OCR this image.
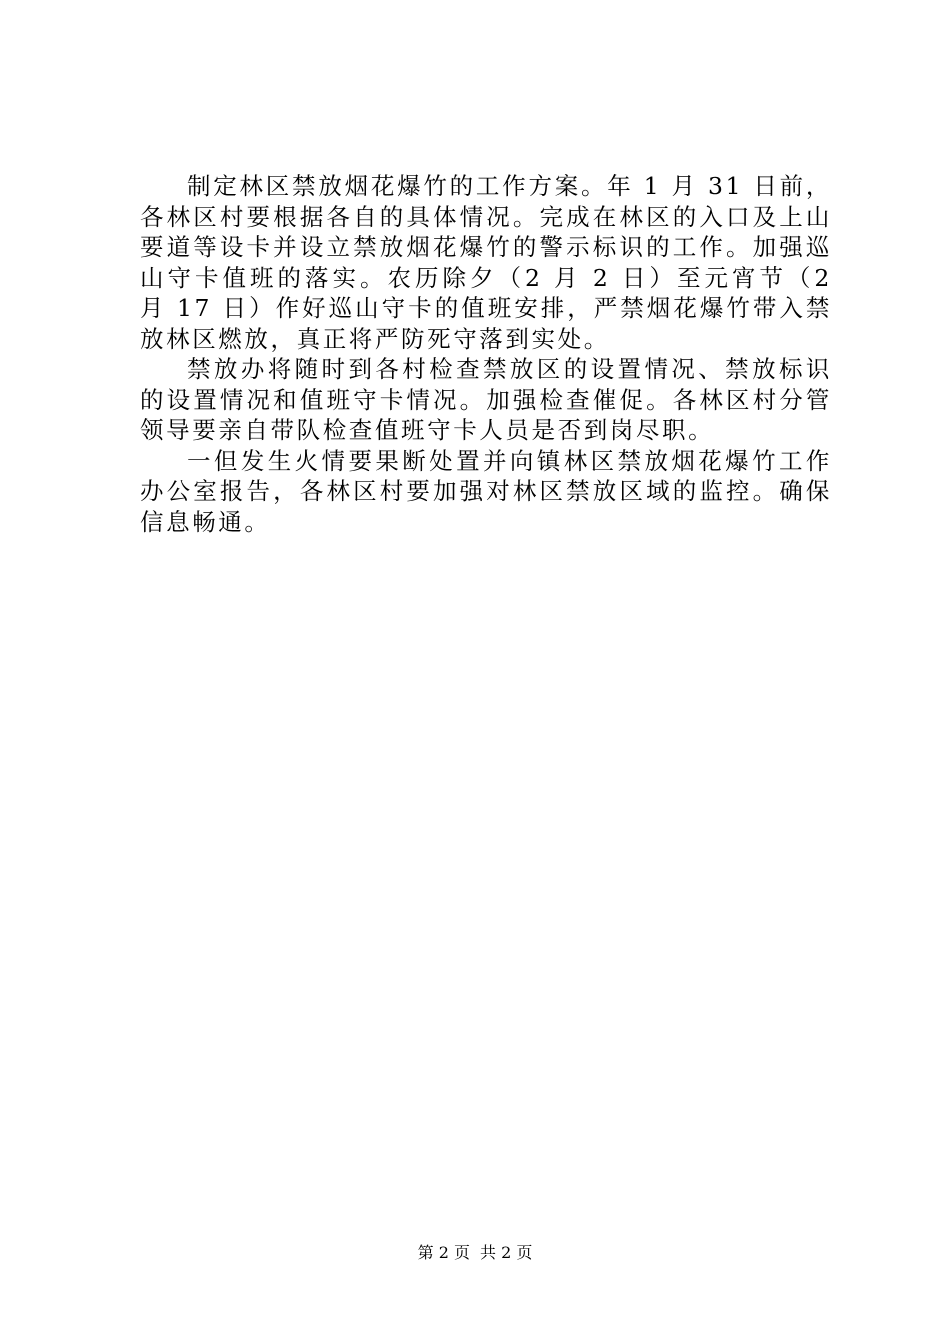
制定林区禁放烟花爆竹的工作方案。年 1 月 31 日前，各林区村要根据各自的具体情况。完成在林区的入口及上山要道等设卡并设立禁放烟花爆竹的警示标识的工作。加强巡山守卡值班的落实。农历除夕（2 月 2 日）至元宵节（2 月 17 日）作好巡山守卡的值班安排，严禁烟花爆竹带入禁放林区燃放，真正将严防死守落到实处。

禁放办将随时到各村检查禁放区的设置情况、禁放标识的设置情况和值班守卡情况。加强检查催促。各林区村分管领导要亲自带队检查值班守卡人员是否到岗尽职。

一但发生火情要果断处置并向镇林区禁放烟花爆竹工作办公室报告，各林区村要加强对林区禁放区域的监控。确保信息畅通。

第 2 页 共 2 页
